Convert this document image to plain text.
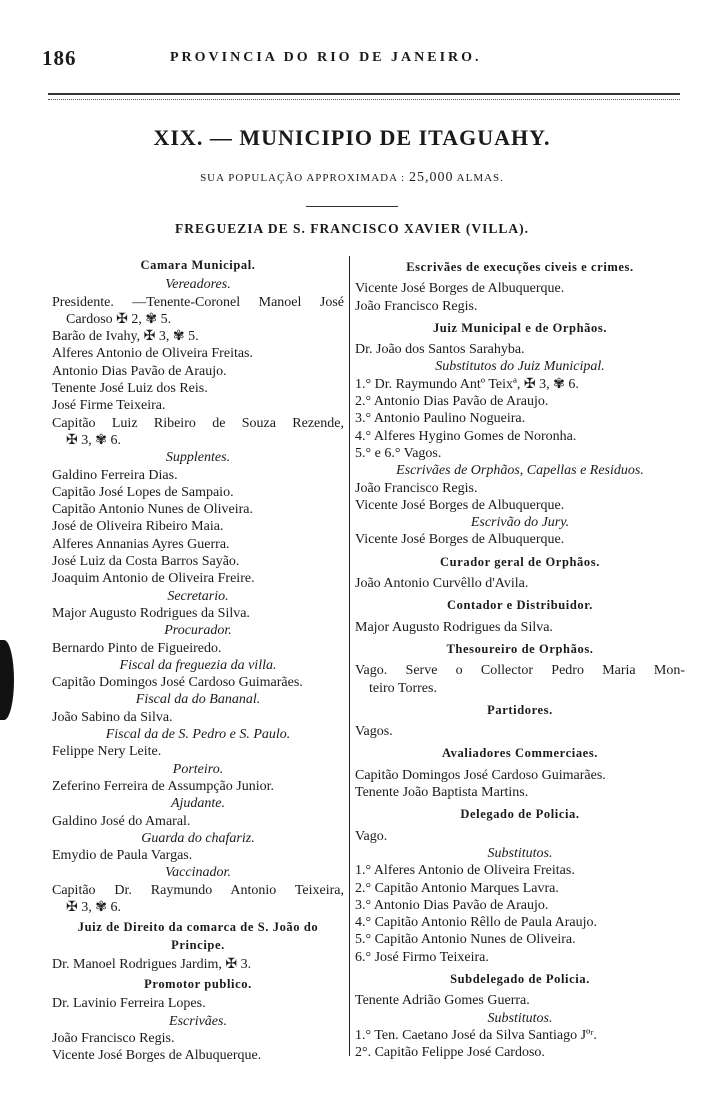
186	PROVINCIA DO RIO DE JANEIRO.
XIX. — MUNICIPIO DE ITAGUAHY.
SUA POPULAÇÃO APPROXIMADA : 25,000 ALMAS.
FREGUEZIA DE S. FRANCISCO XAVIER (VILLA).
Camara Municipal.
Vereadores.
Presidente. —Tenente-Coronel Manoel José
Cardoso ✠ 2, ✾ 5.
Barão de Ivahy, ✠ 3, ✾ 5.
Alferes Antonio de Oliveira Freitas.
Antonio Dias Pavão de Araujo.
Tenente José Luiz dos Reis.
José Firme Teixeira.
Capitão Luiz Ribeiro de Souza Rezende,
✠ 3, ✾ 6.
Supplentes.
Galdino Ferreira Dias.
Capitão José Lopes de Sampaio.
Capitão Antonio Nunes de Oliveira.
José de Oliveira Ribeiro Maia.
Alferes Annanias Ayres Guerra.
José Luiz da Costa Barros Sayão.
Joaquim Antonio de Oliveira Freire.
Secretario.
Major Augusto Rodrigues da Silva.
Procurador.
Bernardo Pinto de Figueiredo.
Fiscal da freguezia da villa.
Capitão Domingos José Cardoso Guimarães.
Fiscal da do Bananal.
João Sabino da Silva.
Fiscal da de S. Pedro e S. Paulo.
Felippe Nery Leite.
Porteiro.
Zeferino Ferreira de Assumpção Junior.
Ajudante.
Galdino José do Amaral.
Guarda do chafariz.
Emydio de Paula Vargas.
Vaccinador.
Capitão Dr. Raymundo Antonio Teixeira,
✠ 3, ✾ 6.
Juiz de Direito da comarca de S. João do Principe.
Dr. Manoel Rodrigues Jardim, ✠ 3.
Promotor publico.
Dr. Lavinio Ferreira Lopes.
Escrivães.
João Francisco Regis.
Vicente José Borges de Albuquerque.
Escrivães de execuções civeis e crimes.
Vicente José Borges de Albuquerque.
João Francisco Regis.
Juiz Municipal e de Orphãos.
Dr. João dos Santos Sarahyba.
Substitutos do Juiz Municipal.
1.° Dr. Raymundo Antº Teixª, ✠ 3, ✾ 6.
2.° Antonio Dias Pavão de Araujo.
3.° Antonio Paulino Nogueira.
4.° Alferes Hygino Gomes de Noronha.
5.° e 6.° Vagos.
Escrivães de Orphãos, Capellas e Residuos.
João Francisco Regis.
Vicente José Borges de Albuquerque.
Escrivão do Jury.
Vicente José Borges de Albuquerque.
Curador geral de Orphãos.
João Antonio Curvêllo d'Avila.
Contador e Distribuidor.
Major Augusto Rodrigues da Silva.
Thesoureiro de Orphãos.
Vago. Serve o Collector Pedro Maria Mon-
teiro Torres.
Partidores.
Vagos.
Avaliadores Commerciaes.
Capitão Domingos José Cardoso Guimarães.
Tenente João Baptista Martins.
Delegado de Policia.
Vago.
Substitutos.
1.° Alferes Antonio de Oliveira Freitas.
2.° Capitão Antonio Marques Lavra.
3.° Antonio Dias Pavão de Araujo.
4.° Capitão Antonio Rêllo de Paula Araujo.
5.° Capitão Antonio Nunes de Oliveira.
6.° José Firmo Teixeira.
Subdelegado de Policia.
Tenente Adrião Gomes Guerra.
Substitutos.
1.° Ten. Caetano José da Silva Santiago Jºʳ.
2°. Capitão Felippe José Cardoso.
